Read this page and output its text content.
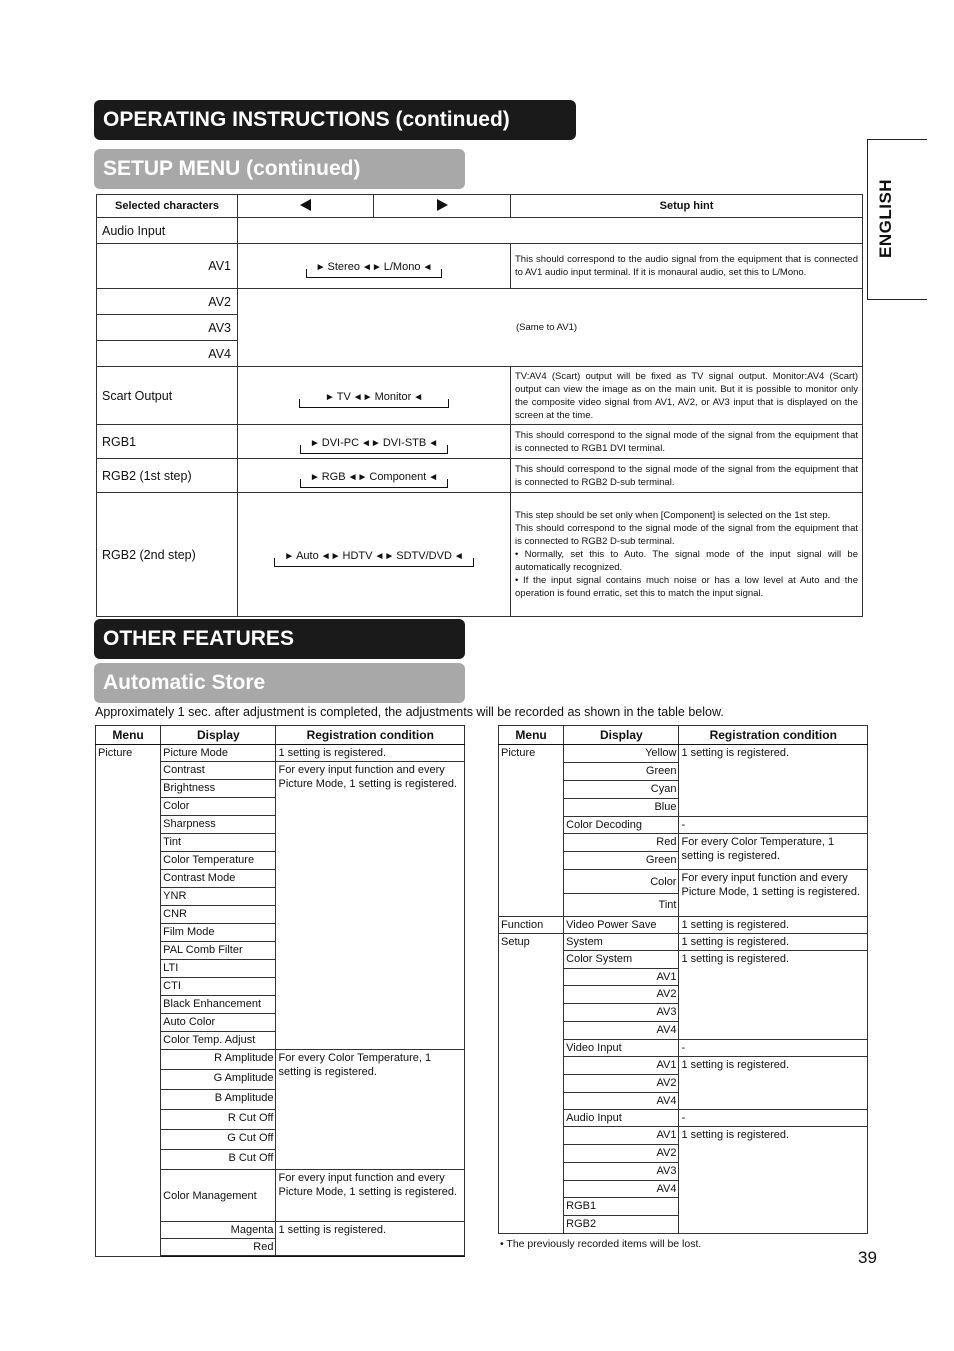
OPERATING INSTRUCTIONS (continued)
SETUP MENU (continued)
ENGLISH
Selected characters			Setup hint
Audio Input			
AV1	► Stereo ◄► L/Mono ◄		This should correspond to the audio signal from the equipment that is connected to AV1 audio input terminal. If it is monaural audio, set this to L/Mono.
AV2	(Same to AV1)		
AV3			
AV4			
Scart Output	► TV ◄► Monitor ◄		TV:AV4 (Scart) output will be fixed as TV signal output. Monitor:AV4 (Scart) output can view the image as on the main unit. But it is possible to monitor only the composite video signal from AV1, AV2, or AV3 input that is displayed on the screen at the time.
RGB1	► DVI-PC ◄► DVI-STB ◄		This should correspond to the signal mode of the signal from the equipment that is connected to RGB1 DVI terminal.
RGB2 (1st step)	► RGB ◄► Component ◄		This should correspond to the signal mode of the signal from the equipment that is connected to RGB2 D-sub terminal.
RGB2 (2nd step)	► Auto ◄► HDTV ◄► SDTV/DVD ◄		This step should be set only when [Component] is selected on the 1st step.
This should correspond to the signal mode of the signal from the equipment that is connected to RGB2 D-sub terminal.
• Normally, set this to Auto. The signal mode of the input signal will be automatically recognized.
• If the input signal contains much noise or has a low level at Auto and the operation is found erratic, set this to match the input signal.
OTHER FEATURES
Automatic Store
Approximately 1 sec. after adjustment is completed, the adjustments will be recorded as shown in the table below.
Menu	Display	Registration condition
Picture	Picture Mode	1 setting is registered.
	Contrast	For every input function and every Picture Mode, 1 setting is registered.
	Brightness	
	Color	
	Sharpness	
	Tint	
	Color Temperature	
	Contrast Mode	
	YNR	
	CNR	
	Film Mode	
	PAL Comb Filter	
	LTI	
	CTI	
	Black Enhancement	
	Auto Color	
	Color Temp. Adjust	
	R Amplitude	For every Color Temperature, 1 setting is registered.
	G Amplitude	
	B Amplitude	
	R Cut Off	
	G Cut Off	
	B Cut Off	
	Color Management	For every input function and every Picture Mode, 1 setting is registered.
	Magenta	1 setting is registered.
	Red	

Menu	Display	Registration condition
Picture	Yellow	1 setting is registered.
	Green	
	Cyan	
	Blue	
	Color Decoding	-
	Red	For every Color Temperature, 1 setting is registered.
	Green	
	Color	For every input function and every Picture Mode, 1 setting is registered.
	Tint	

Function	Video Power Save	1 setting is registered.
Setup	System	1 setting is registered.
	Color System	1 setting is registered.
	AV1	
	AV2	
	AV3	
	AV4	
	Video Input	-
	AV1	1 setting is registered.
	AV2	
	AV4	
	Audio Input	-
	AV1	1 setting is registered.
	AV2	
	AV3	
	AV4	
	RGB1	
	RGB2	
• The previously recorded items will be lost.
39
